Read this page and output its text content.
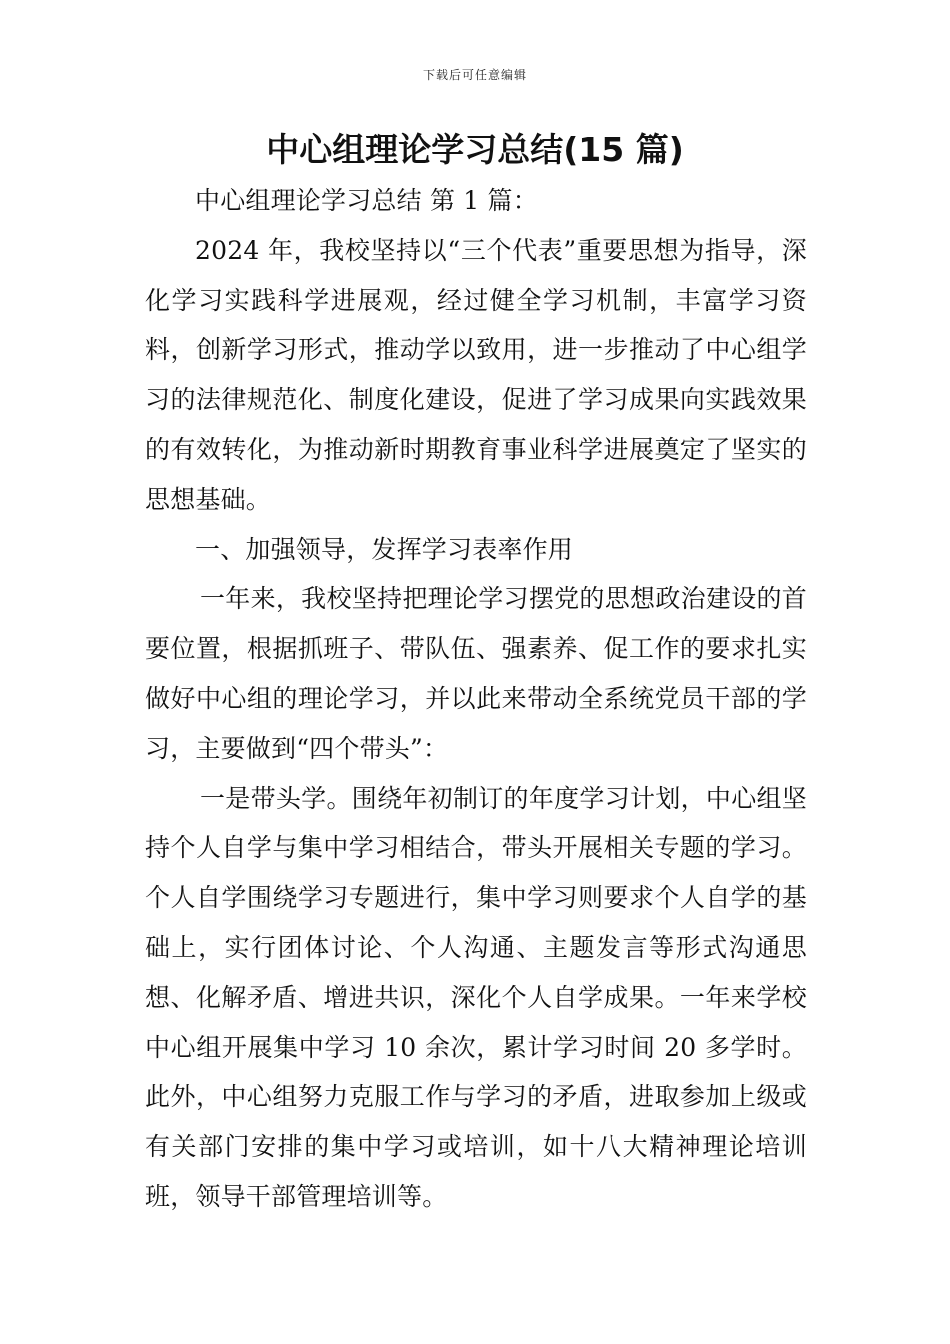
下载后可任意编辑
中心组理论学习总结(15 篇)

中心组理论学习总结 第 1 篇：

2024 年，我校坚持以“三个代表”重要思想为指导，深化学习实践科学进展观，经过健全学习机制，丰富学习资料，创新学习形式，推动学以致用，进一步推动了中心组学习的法律规范化、制度化建设，促进了学习成果向实践效果的有效转化，为推动新时期教育事业科学进展奠定了坚实的思想基础。

一、加强领导，发挥学习表率作用

一年来，我校坚持把理论学习摆党的思想政治建设的首要位置，根据抓班子、带队伍、强素养、促工作的要求扎实做好中心组的理论学习，并以此来带动全系统党员干部的学习，主要做到“四个带头”：

一是带头学。围绕年初制订的年度学习计划，中心组坚持个人自学与集中学习相结合，带头开展相关专题的学习。个人自学围绕学习专题进行，集中学习则要求个人自学的基础上，实行团体讨论、个人沟通、主题发言等形式沟通思想、化解矛盾、增进共识，深化个人自学成果。一年来学校中心组开展集中学习 10 余次，累计学习时间 20 多学时。此外，中心组努力克服工作与学习的矛盾，进取参加上级或有关部门安排的集中学习或培训，如十八大精神理论培训班，领导干部管理培训等。
